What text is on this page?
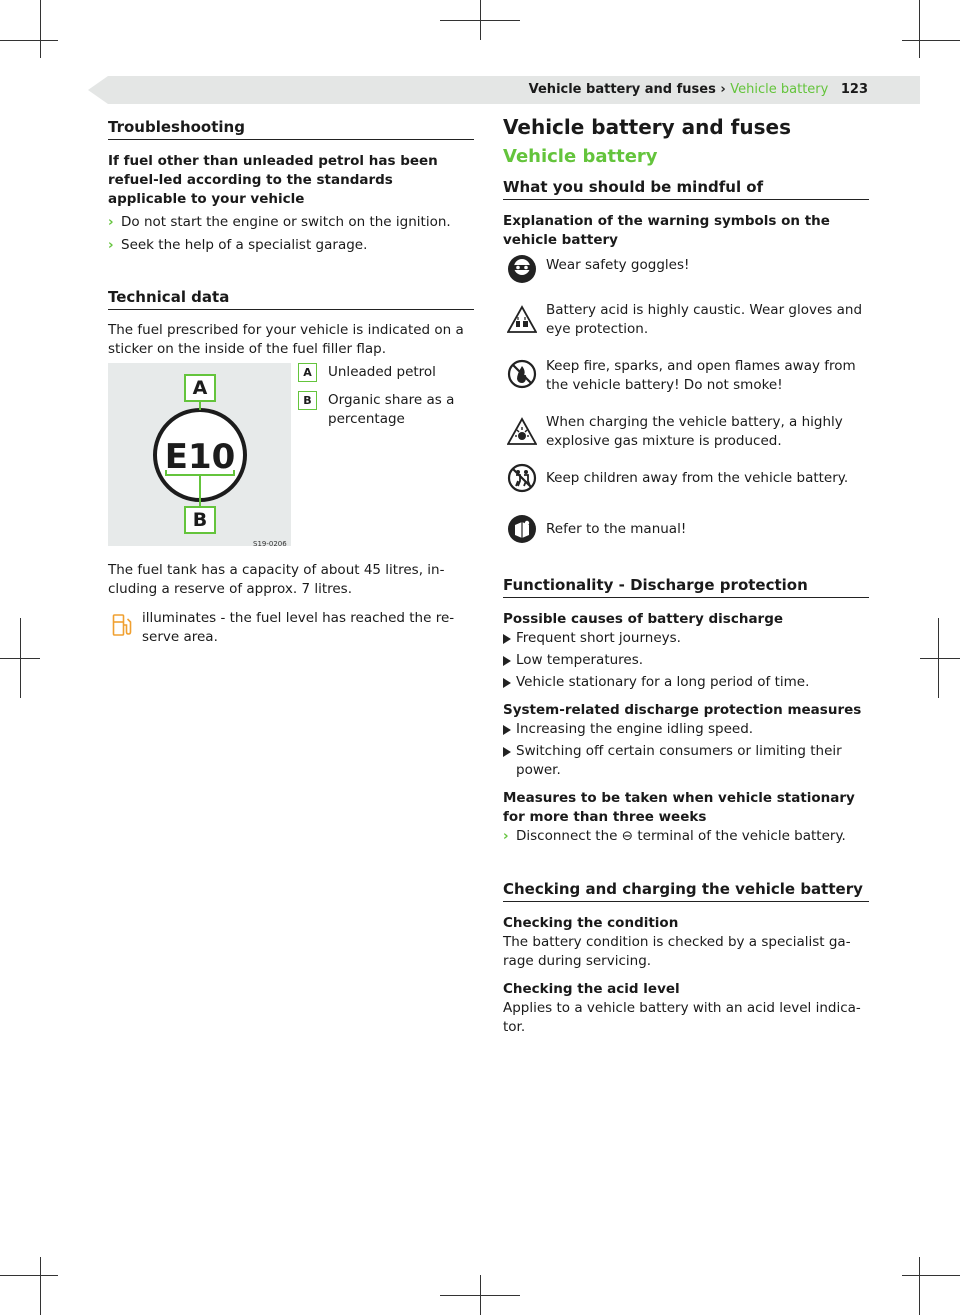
Vehicle battery and fuses › Vehicle battery 123
Troubleshooting

If fuel other than unleaded petrol has been refuel-led according to the standards applicable to your vehicle

› Do not start the engine or switch on the ignition.
› Seek the help of a specialist garage.
Technical data

The fuel prescribed for your vehicle is indicated on a sticker on the inside of the fuel filler flap.

A
B
E10
S19-0206
A	Unleaded petrol
B	Organic share as a percentage

The fuel tank has a capacity of about 45 litres, in-cluding a reserve of approx. 7 litres.

illuminates - the fuel level has reached the re-serve area.

Vehicle battery and fuses
Vehicle battery
What you should be mindful of

Explanation of the warning symbols on the vehicle battery

Wear safety goggles!

Battery acid is highly caustic. Wear gloves and eye protection.

Keep fire, sparks, and open flames away from the vehicle battery! Do not smoke!

When charging the vehicle battery, a highly explosive gas mixture is produced.

Keep children away from the vehicle battery.

Refer to the manual!

Functionality - Discharge protection

Possible causes of battery discharge

Frequent short journeys.
Low temperatures.
Vehicle stationary for a long period of time.

System-related discharge protection measures

Increasing the engine idling speed.
Switching off certain consumers or limiting their power.

Measures to be taken when vehicle stationary for more than three weeks

› Disconnect the ⊖ terminal of the vehicle battery.
Checking and charging the vehicle battery

Checking the condition

The battery condition is checked by a specialist ga-rage during servicing.

Checking the acid level

Applies to a vehicle battery with an acid level indica-tor.
